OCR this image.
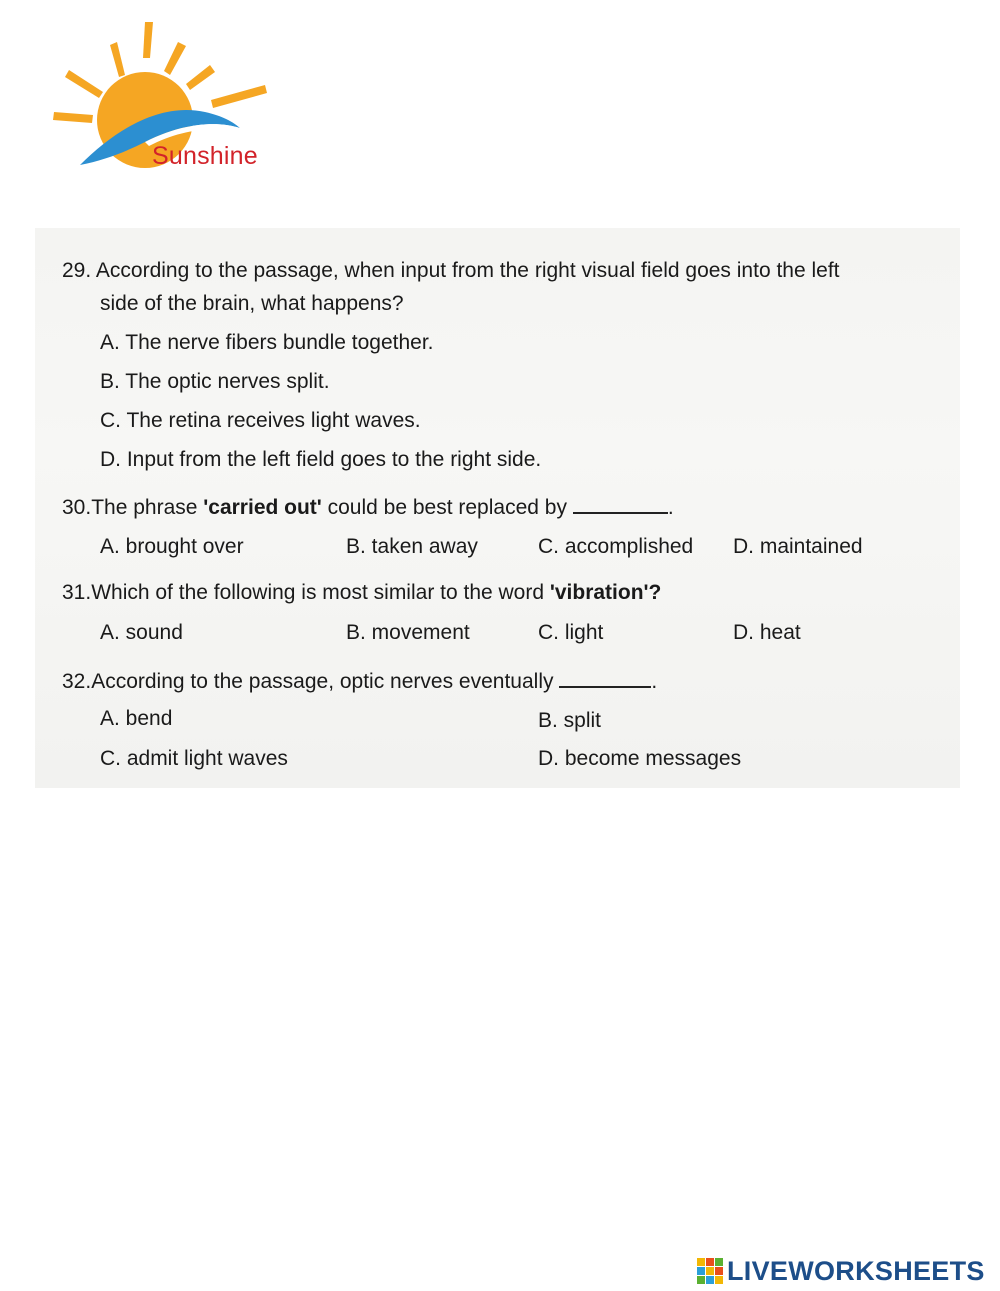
Sunshine
29. According to the passage, when input from the right visual field goes into the left
side of the brain, what happens?
A. The nerve fibers bundle together.
B. The optic nerves split.
C. The retina receives light waves.
D. Input from the left field goes to the right side.
30.The phrase 'carried out' could be best replaced by	.
A. brought over	B. taken away	C. accomplished D. maintained
31.Which of the following is most similar to the word 'vibration'?
A. sound	B. movement	C. light	D. heat
32.According to the passage, optic nerves eventually	.
A. bend	B. split
C. admit light waves	D. become messages
LIVEWORKSHEETS
